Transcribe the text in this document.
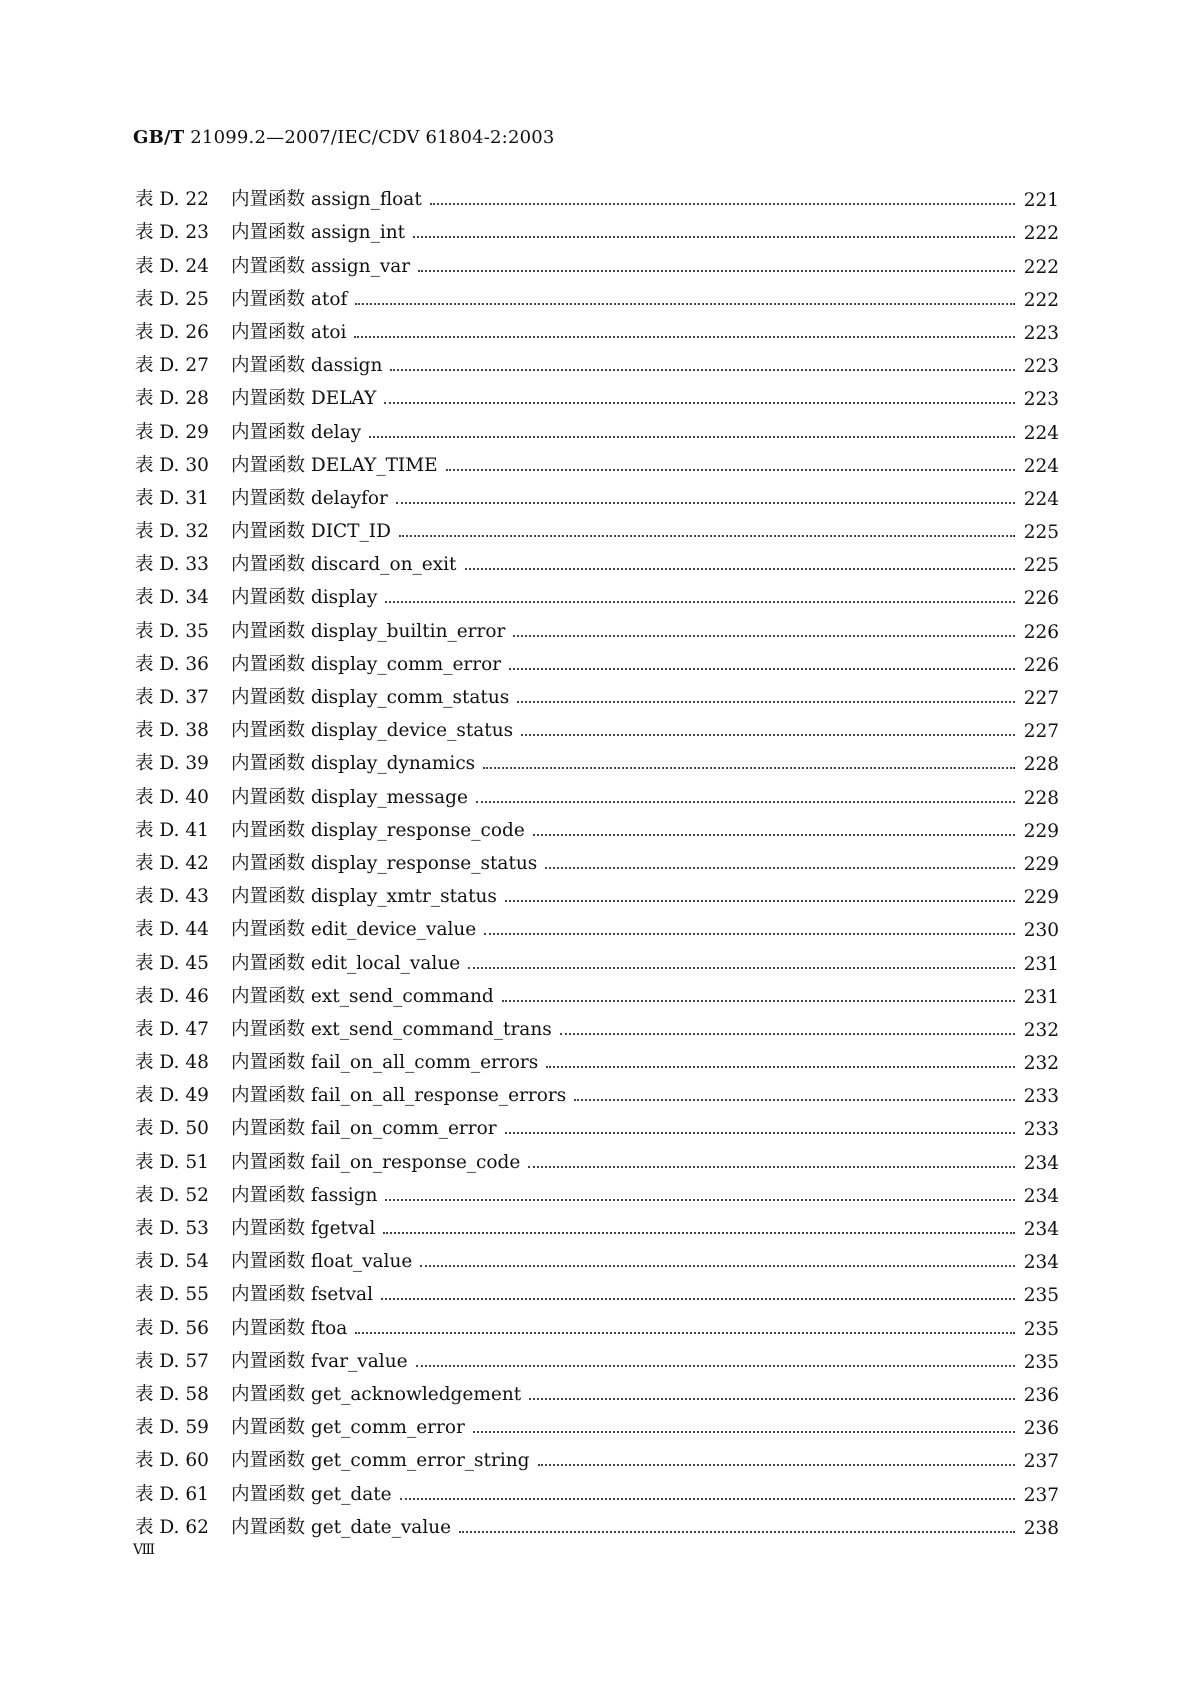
GB/T 21099.2—2007/IEC/CDV 61804-2:2003
表 D. 22	内置函数 assign_float	221
表 D. 23	内置函数 assign_int	222
表 D. 24	内置函数 assign_var	222
表 D. 25	内置函数 atof	222
表 D. 26	内置函数 atoi	223
表 D. 27	内置函数 dassign	223
表 D. 28	内置函数 DELAY	223
表 D. 29	内置函数 delay	224
表 D. 30	内置函数 DELAY_TIME	224
表 D. 31	内置函数 delayfor	224
表 D. 32	内置函数 DICT_ID	225
表 D. 33	内置函数 discard_on_exit	225
表 D. 34	内置函数 display	226
表 D. 35	内置函数 display_builtin_error	226
表 D. 36	内置函数 display_comm_error	226
表 D. 37	内置函数 display_comm_status	227
表 D. 38	内置函数 display_device_status	227
表 D. 39	内置函数 display_dynamics	228
表 D. 40	内置函数 display_message	228
表 D. 41	内置函数 display_response_code	229
表 D. 42	内置函数 display_response_status	229
表 D. 43	内置函数 display_xmtr_status	229
表 D. 44	内置函数 edit_device_value	230
表 D. 45	内置函数 edit_local_value	231
表 D. 46	内置函数 ext_send_command	231
表 D. 47	内置函数 ext_send_command_trans	232
表 D. 48	内置函数 fail_on_all_comm_errors	232
表 D. 49	内置函数 fail_on_all_response_errors	233
表 D. 50	内置函数 fail_on_comm_error	233
表 D. 51	内置函数 fail_on_response_code	234
表 D. 52	内置函数 fassign	234
表 D. 53	内置函数 fgetval	234
表 D. 54	内置函数 float_value	234
表 D. 55	内置函数 fsetval	235
表 D. 56	内置函数 ftoa	235
表 D. 57	内置函数 fvar_value	235
表 D. 58	内置函数 get_acknowledgement	236
表 D. 59	内置函数 get_comm_error	236
表 D. 60	内置函数 get_comm_error_string	237
表 D. 61	内置函数 get_date	237
表 D. 62	内置函数 get_date_value	238
Ⅷ
